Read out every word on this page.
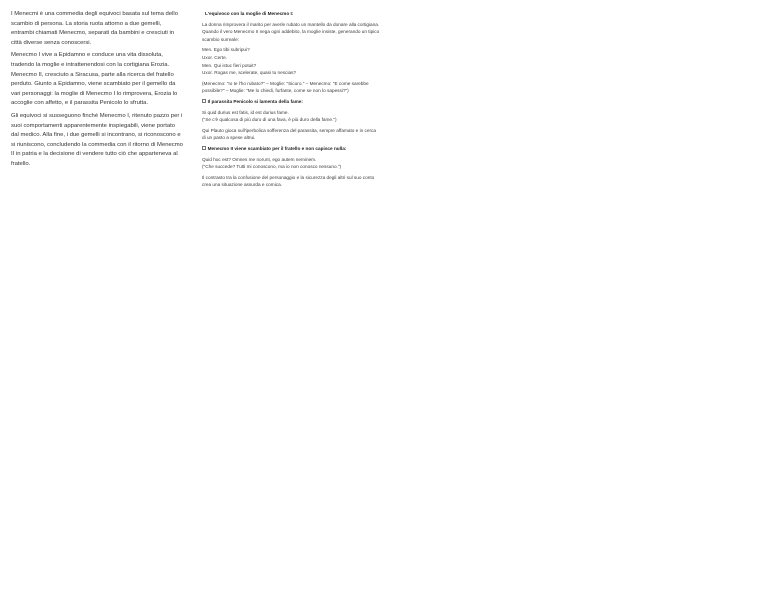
I Menecmi è una commedia degli equivoci basata sul tema dello scambio di persona. La storia ruota attorno a due gemelli, entrambi chiamati Menecmo, separati da bambini e cresciuti in città diverse senza conoscersi.

Menecmo I vive a Epidamno e conduce una vita dissoluta, tradendo la moglie e intrattenendosi con la cortigiana Erozia. Menecmo II, cresciuto a Siracusa, parte alla ricerca del fratello perduto. Giunto a Epidamno, viene scambiato per il gemello da vari personaggi: la moglie di Menecmo I lo rimprovera, Erozia lo accoglie con affetto, e il parassita Penicolo lo sfrutta.

Gli equivoci si susseguono finché Menecmo I, ritenuto pazzo per i suoi comportamenti apparentemente inspiegabili, viene portato dal medico. Alla fine, i due gemelli si incontrano, si riconoscono e si riuniscono, concludendo la commedia con il ritorno di Menecmo II in patria e la decisione di vendere tutto ciò che apparteneva al fratello.

L'equivoco con la moglie di Menecmo I:

La donna rimprovera il marito per averle rubato un mantello da donare alla cortigiana. Quando il vero Menecmo II nega ogni addebito, la moglie insiste, generando un tipico scambio surreale:

Men. Ego tibi subripui?
Uxor. Certe.
Men. Qui istuc fieri potuit?
Uxor. Rogas me, scelerate, quasi tu nescias?

(Menecmo: "Io te l'ho rubato?" – Moglie: "Sicuro." – Menecmo: "E come sarebbe possibile?" – Moglie: "Me lo chiedi, furfante, come se non lo sapessi?")

Il parassita Penicolo si lamenta della fame:

Si quid durius est fatis, id est durius fame.
("Se c'è qualcosa di più duro di una fava, è più duro della fame.")

Qui Plauto gioca sull'iperbolica sofferenza del parassita, sempre affamato e in cerca di un pasto a spese altrui.

Menecmo II viene scambiato per il fratello e non capisce nulla:

Quid hoc est? Omnes me norunt, ego autem neminem.
("Che succede? Tutti mi conoscono, ma io non conosco nessuno.")

Il contrasto tra la confusione del personaggio e la sicurezza degli altri sul suo conto crea una situazione assurda e comica.
